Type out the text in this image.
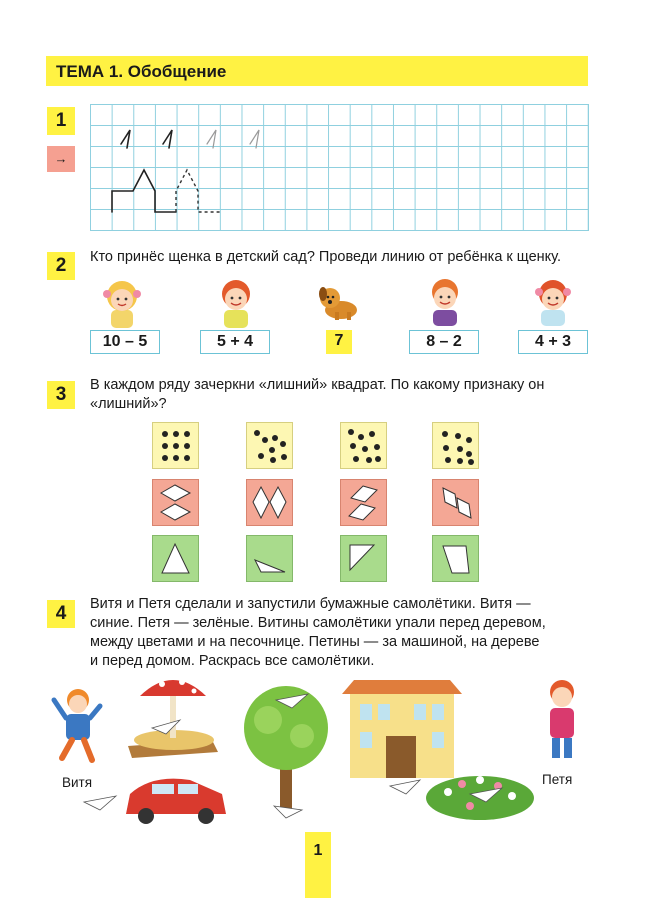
ТЕМА 1. Обобщение
1
→
2	Кто принёс щенка в детский сад? Проведи линию от ребёнка к щенку.
10 – 5	5 + 4	7	8 – 2	4 + 3
3	В каждом ряду зачеркни «лишний» квадрат. По какому признаку он
«лишний»?
4	Витя и Петя сделали и запустили бумажные самолётики. Витя —
синие. Петя — зелёные. Витины самолётики упали перед деревом,
между цветами и на песочнице. Петины — за машиной, на дереве
и перед домом. Раскрась все самолётики.
Витя	Петя
1
